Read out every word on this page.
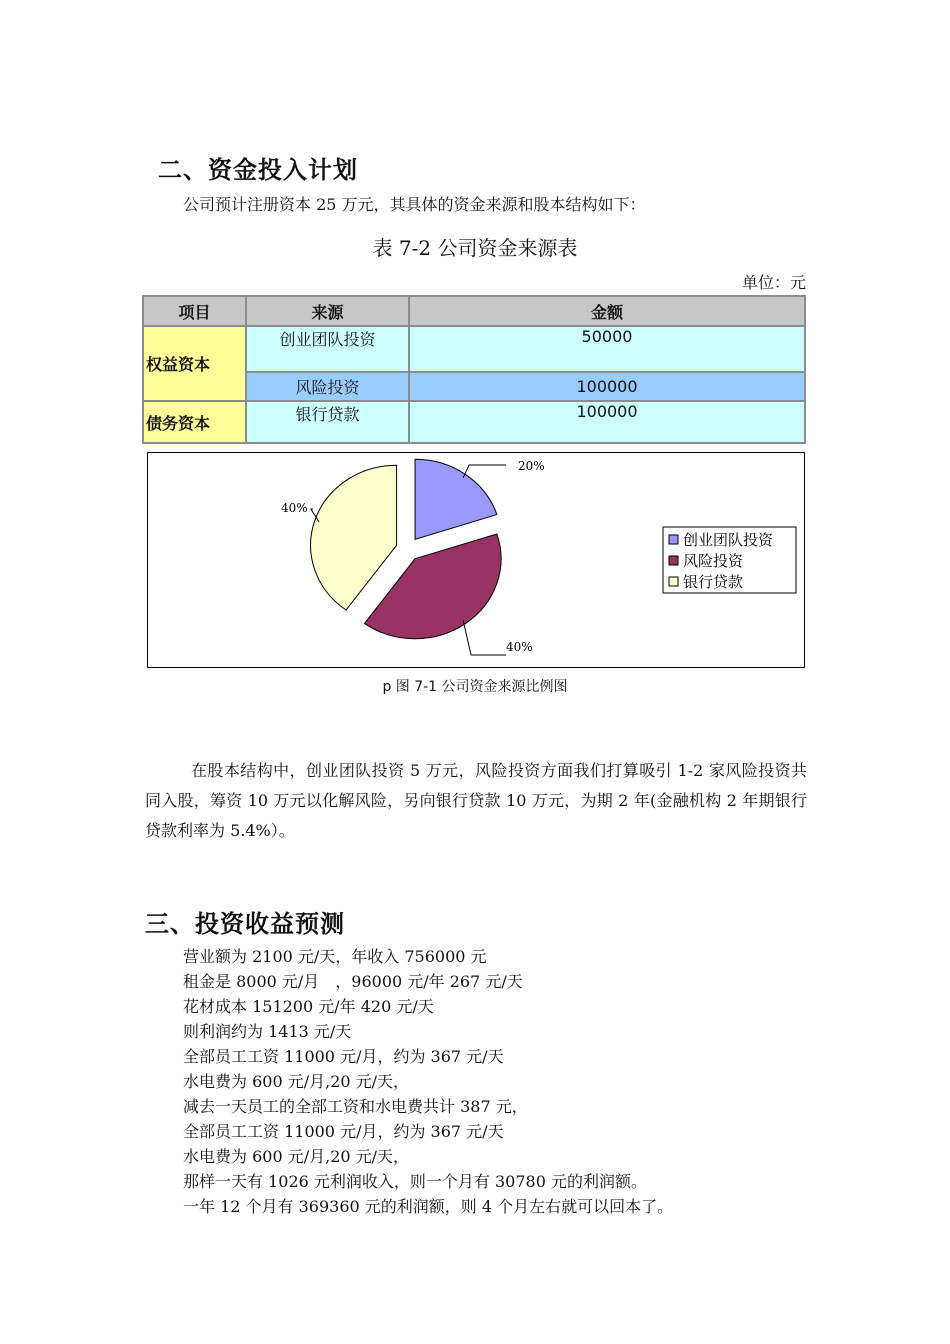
二、资金投入计划
公司预计注册资本 25 万元，其具体的资金来源和股本结构如下：
表 7-2 公司资金来源表
单位：元
项目	来源	金额
权益资本	创业团队投资	50000
	风险投资	100000
债务资本	银行贷款	100000
20%
40%
40%
创业团队投资
风险投资
银行贷款
p 图 7-1 公司资金来源比例图
在股本结构中，创业团队投资 5 万元，风险投资方面我们打算吸引 1-2 家风险投资共同入股，筹资 10 万元以化解风险，另向银行贷款 10 万元，为期 2 年(金融机构 2 年期银行贷款利率为 5.4%）。
三、投资收益预测
营业额为 2100 元/天，年收入 756000 元
租金是 8000 元/月　，96000 元/年 267 元/天
花材成本 151200 元/年 420 元/天
则利润约为 1413 元/天
全部员工工资 11000 元/月，约为 367 元/天
水电费为 600 元/月,20 元/天，
减去一天员工的全部工资和水电费共计 387 元，
全部员工工资 11000 元/月，约为 367 元/天
水电费为 600 元/月,20 元/天，
那样一天有 1026 元利润收入，则一个月有 30780 元的利润额。
一年 12 个月有 369360 元的利润额，则 4 个月左右就可以回本了。
